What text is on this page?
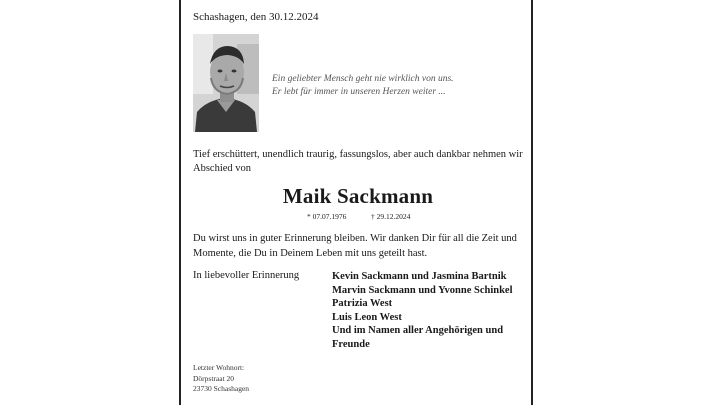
Schashagen, den 30.12.2024
Ein geliebter Mensch geht nie wirklich von uns.
Er lebt für immer in unseren Herzen weiter ...
Tief erschüttert, unendlich traurig, fassungslos, aber auch dankbar nehmen wir Abschied von
Maik Sackmann
* 07.07.1976	† 29.12.2024
Du wirst uns in guter Erinnerung bleiben. Wir danken Dir für all die Zeit und Momente, die Du in Deinem Leben mit uns geteilt hast.
In liebevoller Erinnerung	Kevin Sackmann und Jasmina Bartnik
Marvin Sackmann und Yvonne Schinkel
Patrizia West
Luis Leon West
Und im Namen aller Angehörigen und Freunde
Letzter Wohnort:
Dörpstraat 20
23730 Schashagen
